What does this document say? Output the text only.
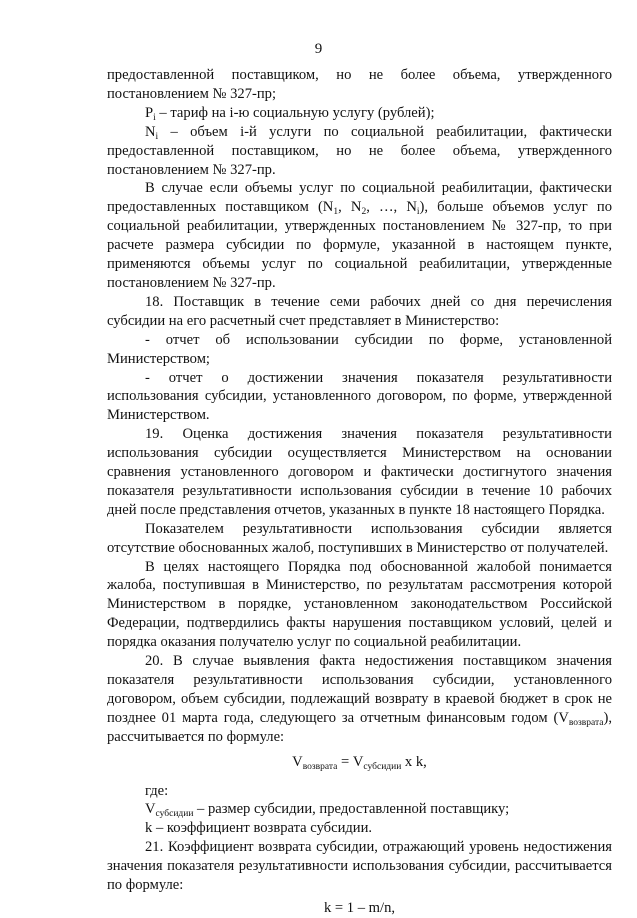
9

предоставленной поставщиком, но не более объема, утвержденного постановлением № 327-пр;

$P_i$ – тариф на i-ю социальную услугу (рублей);

$N_i$ – объем i-й услуги по социальной реабилитации, фактически предоставленной поставщиком, но не более объема, утвержденного постановлением № 327-пр.

В случае если объемы услуг по социальной реабилитации, фактически предоставленных поставщиком ($N_1$, $N_2$, …, $N_i$), больше объемов услуг по социальной реабилитации, утвержденных постановлением № 327-пр, то при расчете размера субсидии по формуле, указанной в настоящем пункте, применяются объемы услуг по социальной реабилитации, утвержденные постановлением № 327-пр.

18. Поставщик в течение семи рабочих дней со дня перечисления субсидии на его расчетный счет представляет в Министерство:

- отчет об использовании субсидии по форме, установленной Министерством;

- отчет о достижении значения показателя результативности использования субсидии, установленного договором, по форме, утвержденной Министерством.

19. Оценка достижения значения показателя результативности использования субсидии осуществляется Министерством на основании сравнения установленного договором и фактически достигнутого значения показателя результативности использования субсидии в течение 10 рабочих дней после представления отчетов, указанных в пункте 18 настоящего Порядка.

Показателем результативности использования субсидии является отсутствие обоснованных жалоб, поступивших в Министерство от получателей.

В целях настоящего Порядка под обоснованной жалобой понимается жалоба, поступившая в Министерство, по результатам рассмотрения которой Министерством в порядке, установленном законодательством Российской Федерации, подтвердились факты нарушения поставщиком условий, целей и порядка оказания получателю услуг по социальной реабилитации.

20. В случае выявления факта недостижения поставщиком значения показателя результативности использования субсидии, установленного договором, объем субсидии, подлежащий возврату в краевой бюджет в срок не позднее 01 марта года, следующего за отчетным финансовым годом $(V_{возврата})$, рассчитывается по формуле:

$V_{возврата} = V_{субсидии}$ x k,

где:

$V_{субсидии}$ – размер субсидии, предоставленной поставщику;

k – коэффициент возврата субсидии.

21. Коэффициент возврата субсидии, отражающий уровень недостижения значения показателя результативности использования субсидии, рассчитывается по формуле:

k = 1 – m/n,
